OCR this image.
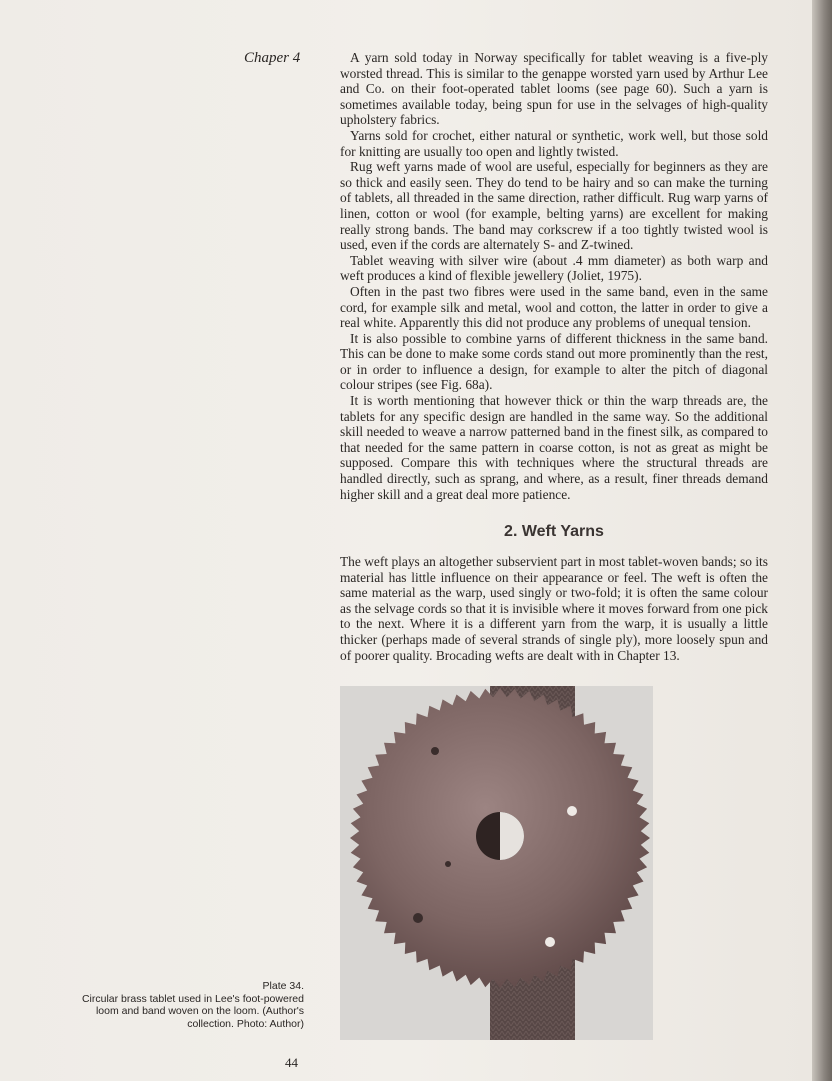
Chaper 4	A yarn sold today in Norway specifically for tablet weaving is a five-ply worsted thread. This is similar to the genappe worsted yarn used by Arthur Lee and Co. on their foot-operated tablet looms (see page 60). Such a yarn is sometimes available today, being spun for use in the selvages of high-quality upholstery fabrics.

Yarns sold for crochet, either natural or synthetic, work well, but those sold for knitting are usually too open and lightly twisted.

Rug weft yarns made of wool are useful, especially for beginners as they are so thick and easily seen. They do tend to be hairy and so can make the turning of tablets, all threaded in the same direction, rather difficult. Rug warp yarns of linen, cotton or wool (for example, belting yarns) are excellent for making really strong bands. The band may corkscrew if a too tightly twisted wool is used, even if the cords are alternately S- and Z-twined.

Tablet weaving with silver wire (about .4 mm diameter) as both warp and weft produces a kind of flexible jewellery (Joliet, 1975).

Often in the past two fibres were used in the same band, even in the same cord, for example silk and metal, wool and cotton, the latter in order to give a real white. Apparently this did not produce any problems of unequal tension.

It is also possible to combine yarns of different thickness in the same band. This can be done to make some cords stand out more prominently than the rest, or in order to influence a design, for example to alter the pitch of diagonal colour stripes (see Fig. 68a).

It is worth mentioning that however thick or thin the warp threads are, the tablets for any specific design are handled in the same way. So the additional skill needed to weave a narrow patterned band in the finest silk, as compared to that needed for the same pattern in coarse cotton, is not as great as might be supposed. Compare this with techniques where the structural threads are handled directly, such as sprang, and where, as a result, finer threads demand higher skill and a great deal more patience.

2. Weft Yarns

The weft plays an altogether subservient part in most tablet-woven bands; so its material has little influence on their appearance or feel. The weft is often the same material as the warp, used singly or two-fold; it is often the same colour as the selvage cords so that it is invisible where it moves forward from one pick to the next. Where it is a different yarn from the warp, it is usually a little thicker (perhaps made of several strands of single ply), more loosely spun and of poorer quality. Brocading wefts are dealt with in Chapter 13.

Plate 34.
Circular brass tablet used in Lee's foot-powered loom and band woven on the loom. (Author's collection. Photo: Author)
44
